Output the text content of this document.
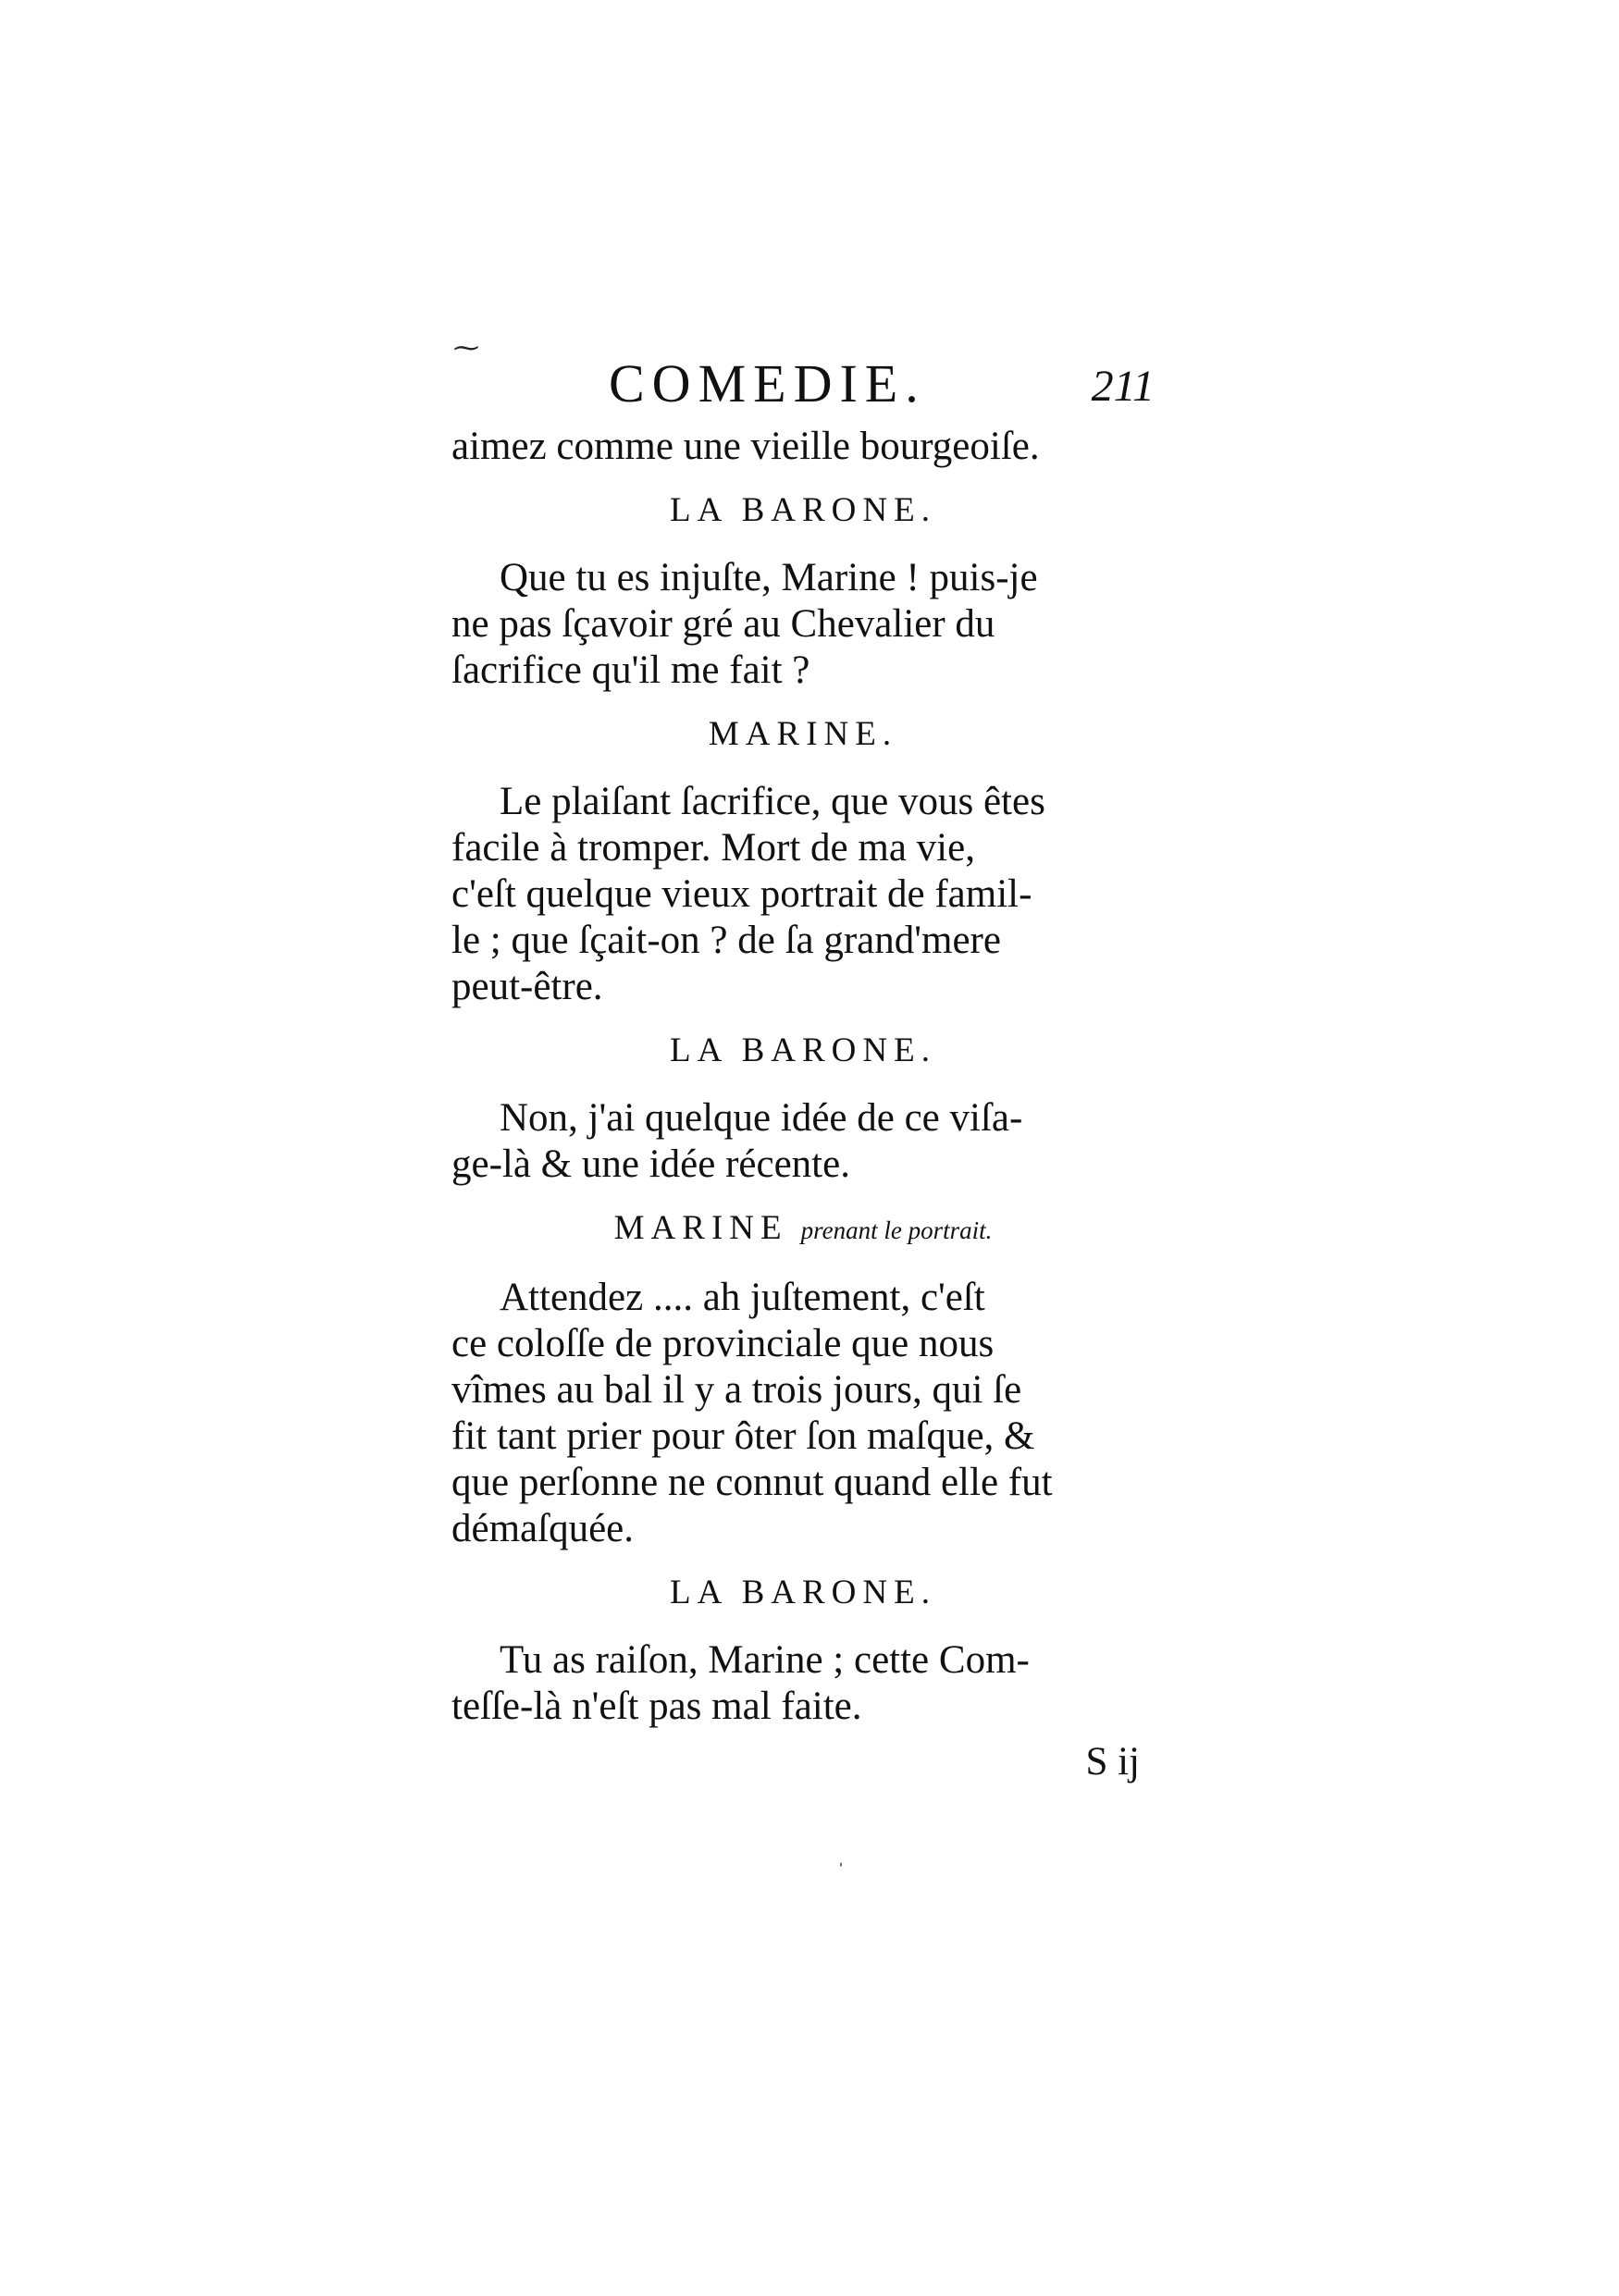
⁓
COMEDIE.	211

aimez comme une vieille bourgeoiſe.

LA BARONE.

Que tu es injuſte, Marine ! puis-je
ne pas ſçavoir gré au Chevalier du
ſacrifice qu'il me fait ?

MARINE.

Le plaiſant ſacrifice, que vous êtes
facile à tromper. Mort de ma vie,
c'eſt quelque vieux portrait de famil-
le ; que ſçait-on ? de ſa grand'mere
peut-être.

LA BARONE.

Non, j'ai quelque idée de ce viſa-
ge-là & une idée récente.

MARINE prenant le portrait.

Attendez .... ah juſtement, c'eſt
ce coloſſe de provinciale que nous
vîmes au bal il y a trois jours, qui ſe
fit tant prier pour ôter ſon maſque, &
que perſonne ne connut quand elle fut
démaſquée.

LA BARONE.

Tu as raiſon, Marine ; cette Com-
teſſe-là n'eſt pas mal faite.

S ij
ˌ
